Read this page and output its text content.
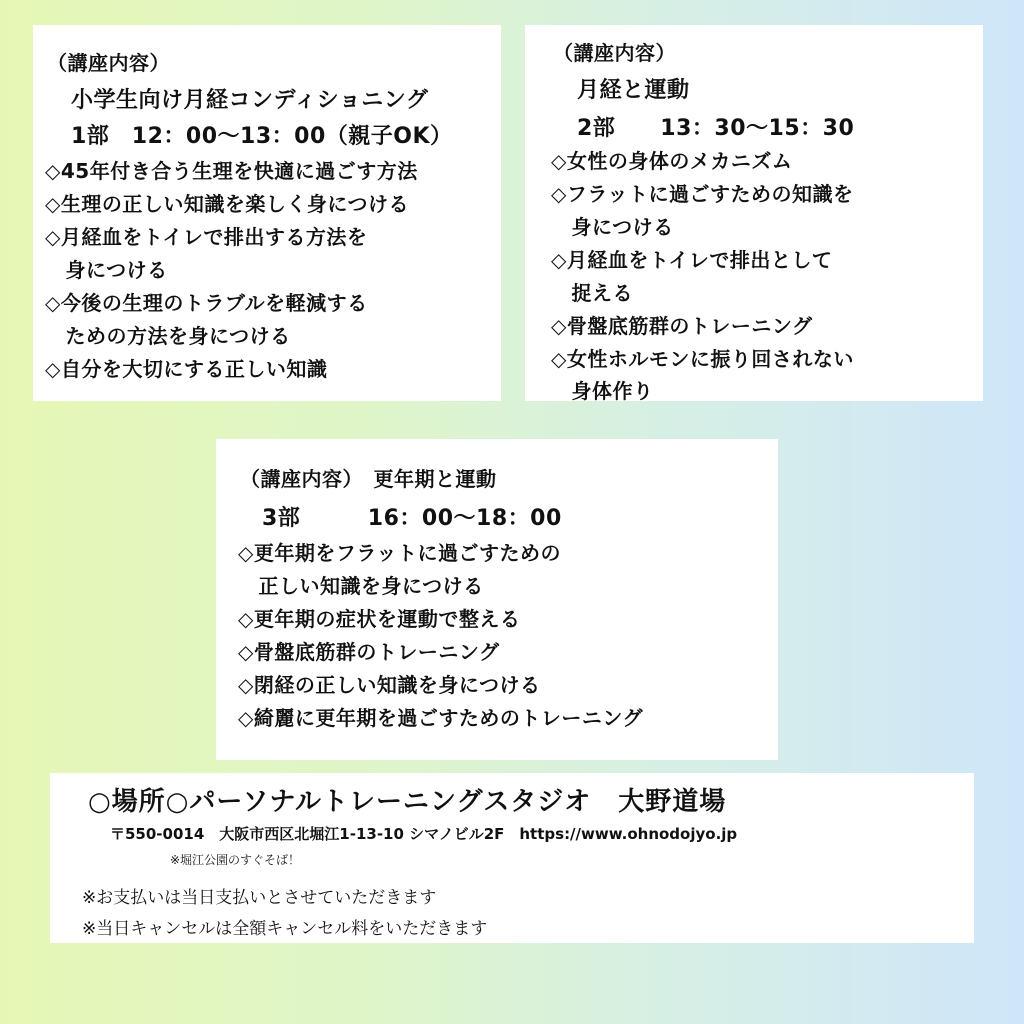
（講座内容）
小学生向け月経コンディショニング
1部　12：00～13：00（親子OK）
◇45年付き合う生理を快適に過ごす方法
◇生理の正しい知識を楽しく身につける
◇月経血をトイレで排出する方法を
　身につける
◇今後の生理のトラブルを軽減する
　ための方法を身につける
◇自分を大切にする正しい知識
（講座内容）
月経と運動
2部　　13：30～15：30
◇女性の身体のメカニズム
◇フラットに過ごすための知識を
　身につける
◇月経血をトイレで排出として
　捉える
◇骨盤底筋群のトレーニング
◇女性ホルモンに振り回されない
　身体作り
（講座内容）　更年期と運動
3部　　　16：00～18：00
◇更年期をフラットに過ごすための
　正しい知識を身につける
◇更年期の症状を運動で整える
◇骨盤底筋群のトレーニング
◇閉経の正しい知識を身につける
◇綺麗に更年期を過ごすためのトレーニング
○場所○パーソナルトレーニングスタジオ　大野道場
〒550-0014　大阪市西区北堀江1-13-10 シマノビル2F　https://www.ohnodojyo.jp
※堀江公園のすぐそば！
※お支払いは当日支払いとさせていただきます
※当日キャンセルは全額キャンセル料をいただきます
